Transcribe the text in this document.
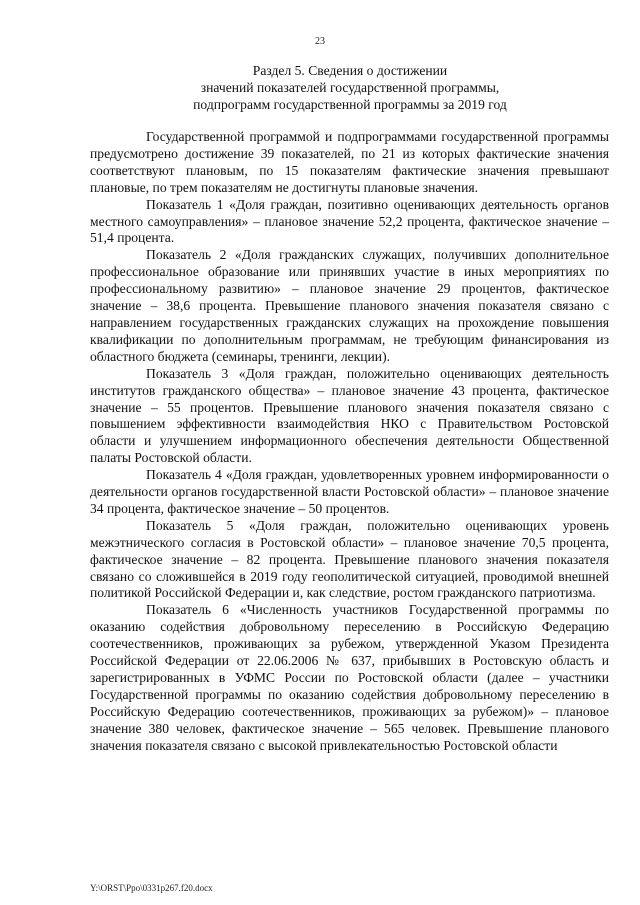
23
Раздел 5. Сведения о достижении
значений показателей государственной программы,
подпрограмм государственной программы за 2019 год

Государственной программой и подпрограммами государственной программы предусмотрено достижение 39 показателей, по 21 из которых фактические значения соответствуют плановым, по 15 показателям фактические значения превышают плановые, по трем показателям не достигнуты плановые значения.

Показатель 1 «Доля граждан, позитивно оценивающих деятельность органов местного самоуправления» – плановое значение 52,2 процента, фактическое значение – 51,4 процента.

Показатель 2 «Доля гражданских служащих, получивших дополнительное профессиональное образование или принявших участие в иных мероприятиях по профессиональному развитию» – плановое значение 29 процентов, фактическое значение – 38,6 процента. Превышение планового значения показателя связано с направлением государственных гражданских служащих на прохождение повышения квалификации по дополнительным программам, не требующим финансирования из областного бюджета (семинары, тренинги, лекции).

Показатель 3 «Доля граждан, положительно оценивающих деятельность институтов гражданского общества» – плановое значение 43 процента, фактическое значение – 55 процентов. Превышение планового значения показателя связано с повышением эффективности взаимодействия НКО с Правительством Ростовской области и улучшением информационного обеспечения деятельности Общественной палаты Ростовской области.

Показатель 4 «Доля граждан, удовлетворенных уровнем информированности о деятельности органов государственной власти Ростовской области» – плановое значение 34 процента, фактическое значение – 50 процентов.

Показатель 5 «Доля граждан, положительно оценивающих уровень межэтнического согласия в Ростовской области» – плановое значение 70,5 процента, фактическое значение – 82 процента. Превышение планового значения показателя связано со сложившейся в 2019 году геополитической ситуацией, проводимой внешней политикой Российской Федерации и, как следствие, ростом гражданского патриотизма.

Показатель 6 «Численность участников Государственной программы по оказанию содействия добровольному переселению в Российскую Федерацию соотечественников, проживающих за рубежом, утвержденной Указом Президента Российской Федерации от 22.06.2006 № 637, прибывших в Ростовскую область и зарегистрированных в УФМС России по Ростовской области (далее – участники Государственной программы по оказанию содействия добровольному переселению в Российскую Федерацию соотечественников, проживающих за рубежом)» – плановое значение 380 человек, фактическое значение – 565 человек. Превышение планового значения показателя связано с высокой привлекательностью Ростовской области

Y:\ORST\Ppo\0331p267.f20.docx
